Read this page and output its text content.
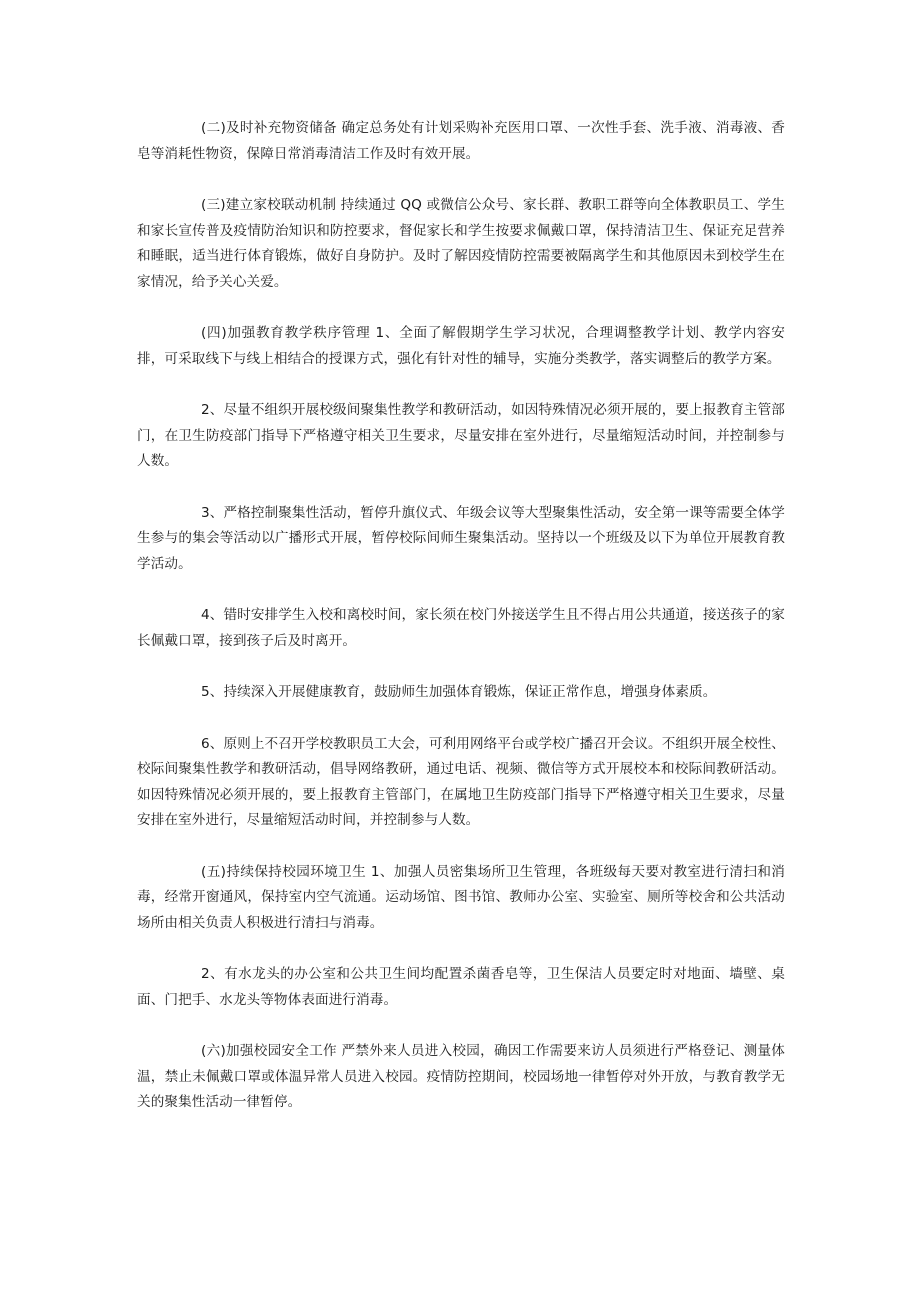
(二)及时补充物资储备 确定总务处有计划采购补充医用口罩、一次性手套、洗手液、消毒液、香皂等消耗性物资，保障日常消毒清洁工作及时有效开展。

(三)建立家校联动机制 持续通过 QQ 或微信公众号、家长群、教职工群等向全体教职员工、学生和家长宣传普及疫情防治知识和防控要求，督促家长和学生按要求佩戴口罩，保持清洁卫生、保证充足营养和睡眠，适当进行体育锻炼，做好自身防护。及时了解因疫情防控需要被隔离学生和其他原因未到校学生在家情况，给予关心关爱。

(四)加强教育教学秩序管理 1、全面了解假期学生学习状况，合理调整教学计划、教学内容安排，可采取线下与线上相结合的授课方式，强化有针对性的辅导，实施分类教学，落实调整后的教学方案。

2、尽量不组织开展校级间聚集性教学和教研活动，如因特殊情况必须开展的，要上报教育主管部门，在卫生防疫部门指导下严格遵守相关卫生要求，尽量安排在室外进行，尽量缩短活动时间，并控制参与人数。

3、严格控制聚集性活动，暂停升旗仪式、年级会议等大型聚集性活动，安全第一课等需要全体学生参与的集会等活动以广播形式开展，暂停校际间师生聚集活动。坚持以一个班级及以下为单位开展教育教学活动。

4、错时安排学生入校和离校时间，家长须在校门外接送学生且不得占用公共通道，接送孩子的家长佩戴口罩，接到孩子后及时离开。

5、持续深入开展健康教育，鼓励师生加强体育锻炼，保证正常作息，增强身体素质。

6、原则上不召开学校教职员工大会，可利用网络平台或学校广播召开会议。不组织开展全校性、校际间聚集性教学和教研活动，倡导网络教研，通过电话、视频、微信等方式开展校本和校际间教研活动。如因特殊情况必须开展的，要上报教育主管部门，在属地卫生防疫部门指导下严格遵守相关卫生要求，尽量安排在室外进行，尽量缩短活动时间，并控制参与人数。

(五)持续保持校园环境卫生 1、加强人员密集场所卫生管理，各班级每天要对教室进行清扫和消毒，经常开窗通风，保持室内空气流通。运动场馆、图书馆、教师办公室、实验室、厕所等校舍和公共活动场所由相关负责人积极进行清扫与消毒。

2、有水龙头的办公室和公共卫生间均配置杀菌香皂等，卫生保洁人员要定时对地面、墙壁、桌面、门把手、水龙头等物体表面进行消毒。

(六)加强校园安全工作 严禁外来人员进入校园，确因工作需要来访人员须进行严格登记、测量体温，禁止未佩戴口罩或体温异常人员进入校园。疫情防控期间，校园场地一律暂停对外开放，与教育教学无关的聚集性活动一律暂停。
